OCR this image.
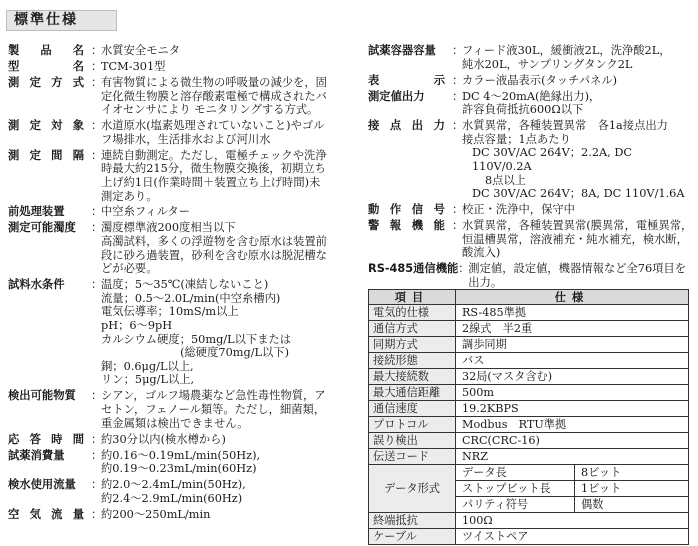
標準仕様
製 品 名 ：
水質安全モニタ
型	名 ：
TCM-301型
測 定 方 式 ：
有害物質による微生物の呼吸量の減少を，固
定化微生物膜と溶存酸素電極で構成されたバ
イオセンサにより モニタリングする方式。
測 定 対 象 ：
水道原水(塩素処理されていないこと)やゴル
フ場排水，生活排水および河川水
測 定 間 隔 ：
連続自動測定。ただし，電極チェックや洗浄
時最大約215分，微生物膜交換後，初期立ち
上げ約1日(作業時間＋装置立ち上げ時間)未
測定あり。
前処理装置	：
中空糸フィルター
測定可能濁度	：
濁度標準液200度相当以下
高濁試料，多くの浮遊物を含む原水は装置前
段に砂ろ過装置，砂利を含む原水は脱泥槽な
どが必要。
試料水条件	：
温度；5～35℃(凍結しないこと)
流量；0.5～2.0L/min(中空糸槽内)
電気伝導率；10mS/m以上
pH；6～9pH
カルシウム硬度；50mg/L以下または
　　　　　　　(総硬度70mg/L以下)
銅；0.6μg/L以上,
リン；5μg/L以上,
検出可能物質	：
シアン，ゴルフ場農薬など急性毒性物質，ア
セトン，フェノール類等。ただし，細菌類，
重金属類は検出できません。
応 答 時 間 ：
約30分以内(検水樽から)
試薬消費量	：
約0.16～0.19mL/min(50Hz),
約0.19～0.23mL/min(60Hz)
検水使用流量	：
約2.0～2.4mL/min(50Hz),
約2.4～2.9mL/min(60Hz)
空 気 流 量 ：
約200～250mL/min
試薬容器容量	：
フィード液30L，緩衝液2L，洗浄酸2L，
純水20L，サンプリングタンク2L
表	示 ：
カラー液晶表示(タッチパネル)
測定値出力	：
DC 4～20mA(絶縁出力)，
許容負荷抵抗600Ω以下
接 点 出 力 ：
水質異常，各種装置異常　各1a接点出力
接点容量；1点あたり
DC 30V/AC 264V；2.2A, DC 110V/0.2A
8点以上
DC 30V/AC 264V；8A, DC 110V/1.6A
動 作 信 号 ：
校正・洗浄中，保守中
警 報 機 能 ：
水質異常，各種装置異常(膜異常，電極異常，
恒温槽異常，溶液補充・純水補充，検水断，
酸流入)
RS-485通信機能 ：
測定値，設定値，機器情報など全76項目を
出力。
項目	仕様	
電気的仕様	RS-485準拠	
通信方式	2線式　半2重	
同期方式	調歩同期	
接続形態	バス	
最大接続数	32局(マスタ含む)	
最大通信距離	500m	
通信速度	19.2KBPS	
プロトコル	Modbus　RTU準拠	
誤り検出	CRC(CRC-16)	
伝送コード	NRZ	
データ形式	データ長	8ビット
	ストップビット長	1ビット
	パリティ符号	偶数
終端抵抗	100Ω	
ケーブル	ツイストペア	
